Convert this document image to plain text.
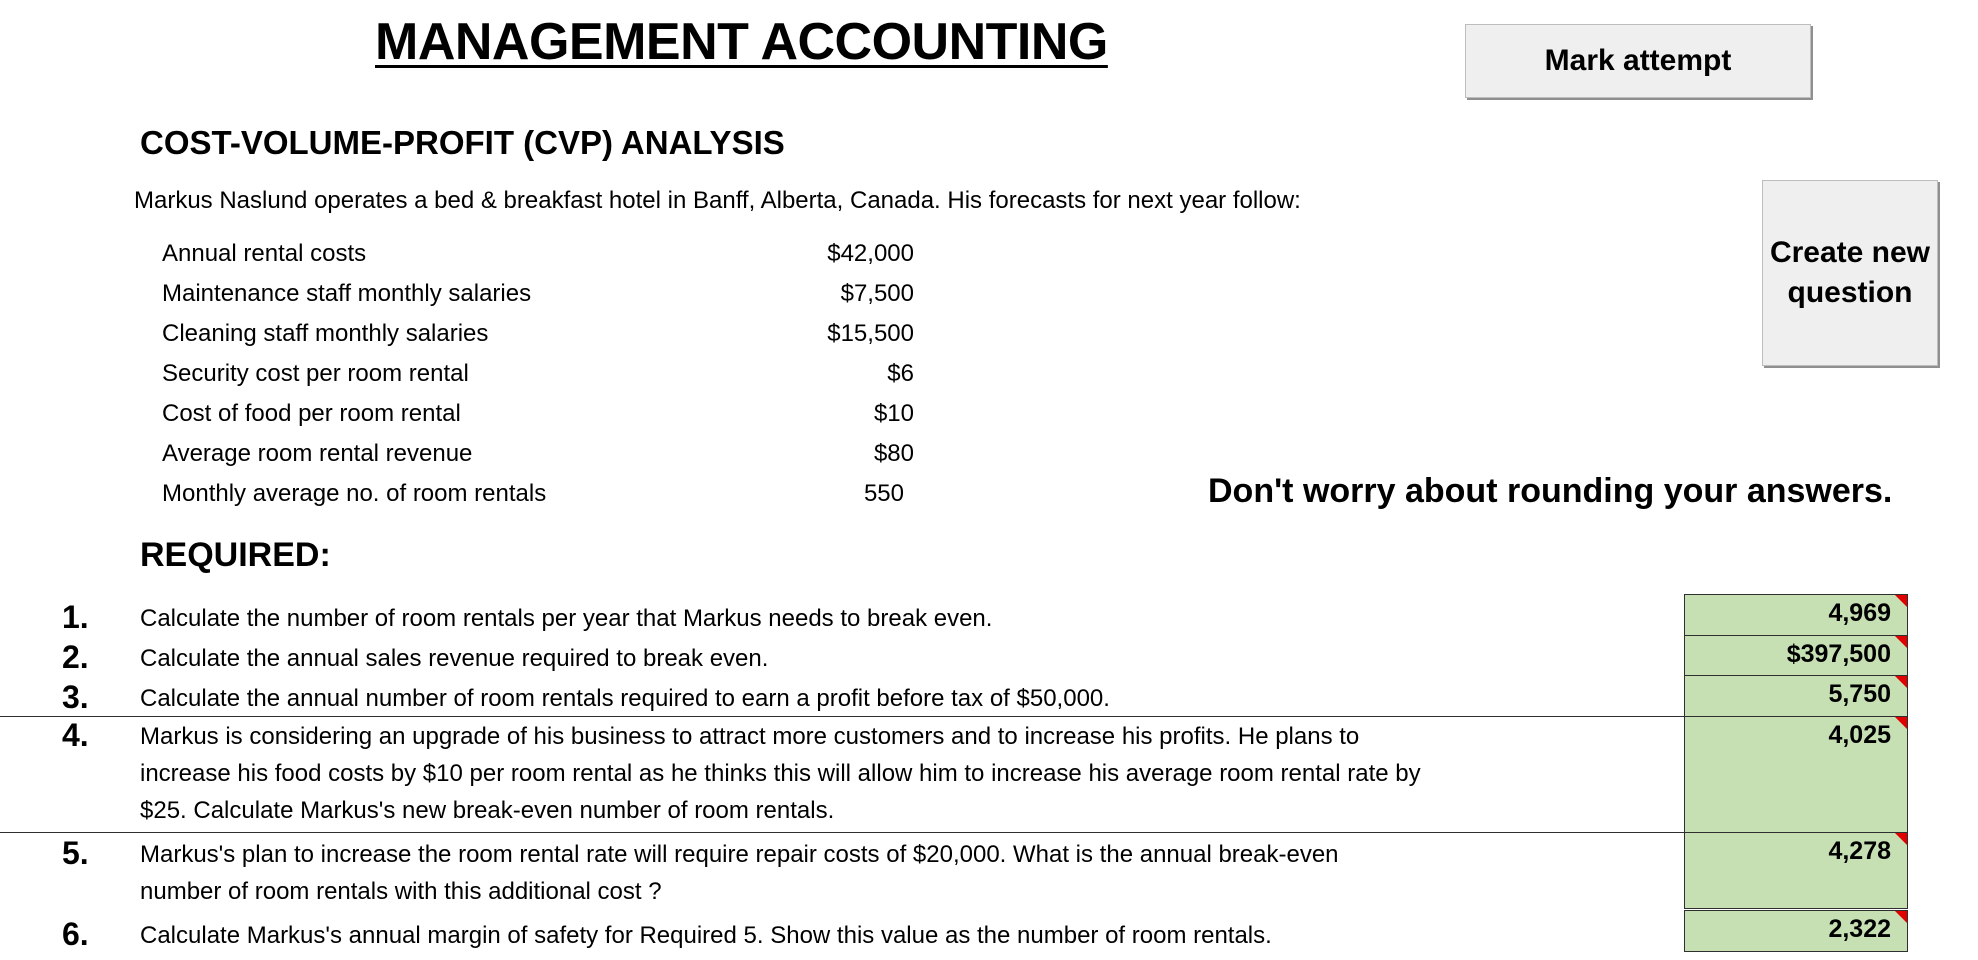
MANAGEMENT ACCOUNTING	Mark attempt
Create new question
COST-VOLUME-PROFIT (CVP) ANALYSIS
Markus Naslund operates a bed & breakfast hotel in Banff, Alberta, Canada. His forecasts for next year follow:
Annual rental costs	$42,000
Maintenance staff monthly salaries	$7,500
Cleaning staff monthly salaries	$15,500
Security cost per room rental	$6
Cost of food per room rental	$10
Average room rental revenue	$80
Monthly average no. of room rentals	550	Don't worry about rounding your answers.
REQUIRED:
1. Calculate the number of room rentals per year that Markus needs to break even.	4,969
2. Calculate the annual sales revenue required to break even.	$397,500
3. Calculate the annual number of room rentals required to earn a profit before tax of $50,000.	5,750
4. Markus is considering an upgrade of his business to attract more customers and to increase his profits. He plans to
increase his food costs by $10 per room rental as he thinks this will allow him to increase his average room rental rate by
$25. Calculate Markus's new break-even number of room rentals.
4,025
5. Markus's plan to increase the room rental rate will require repair costs of $20,000. What is the annual break-even
number of room rentals with this additional cost ?
4,278
6. Calculate Markus's annual margin of safety for Required 5. Show this value as the number of room rentals.	2,322
